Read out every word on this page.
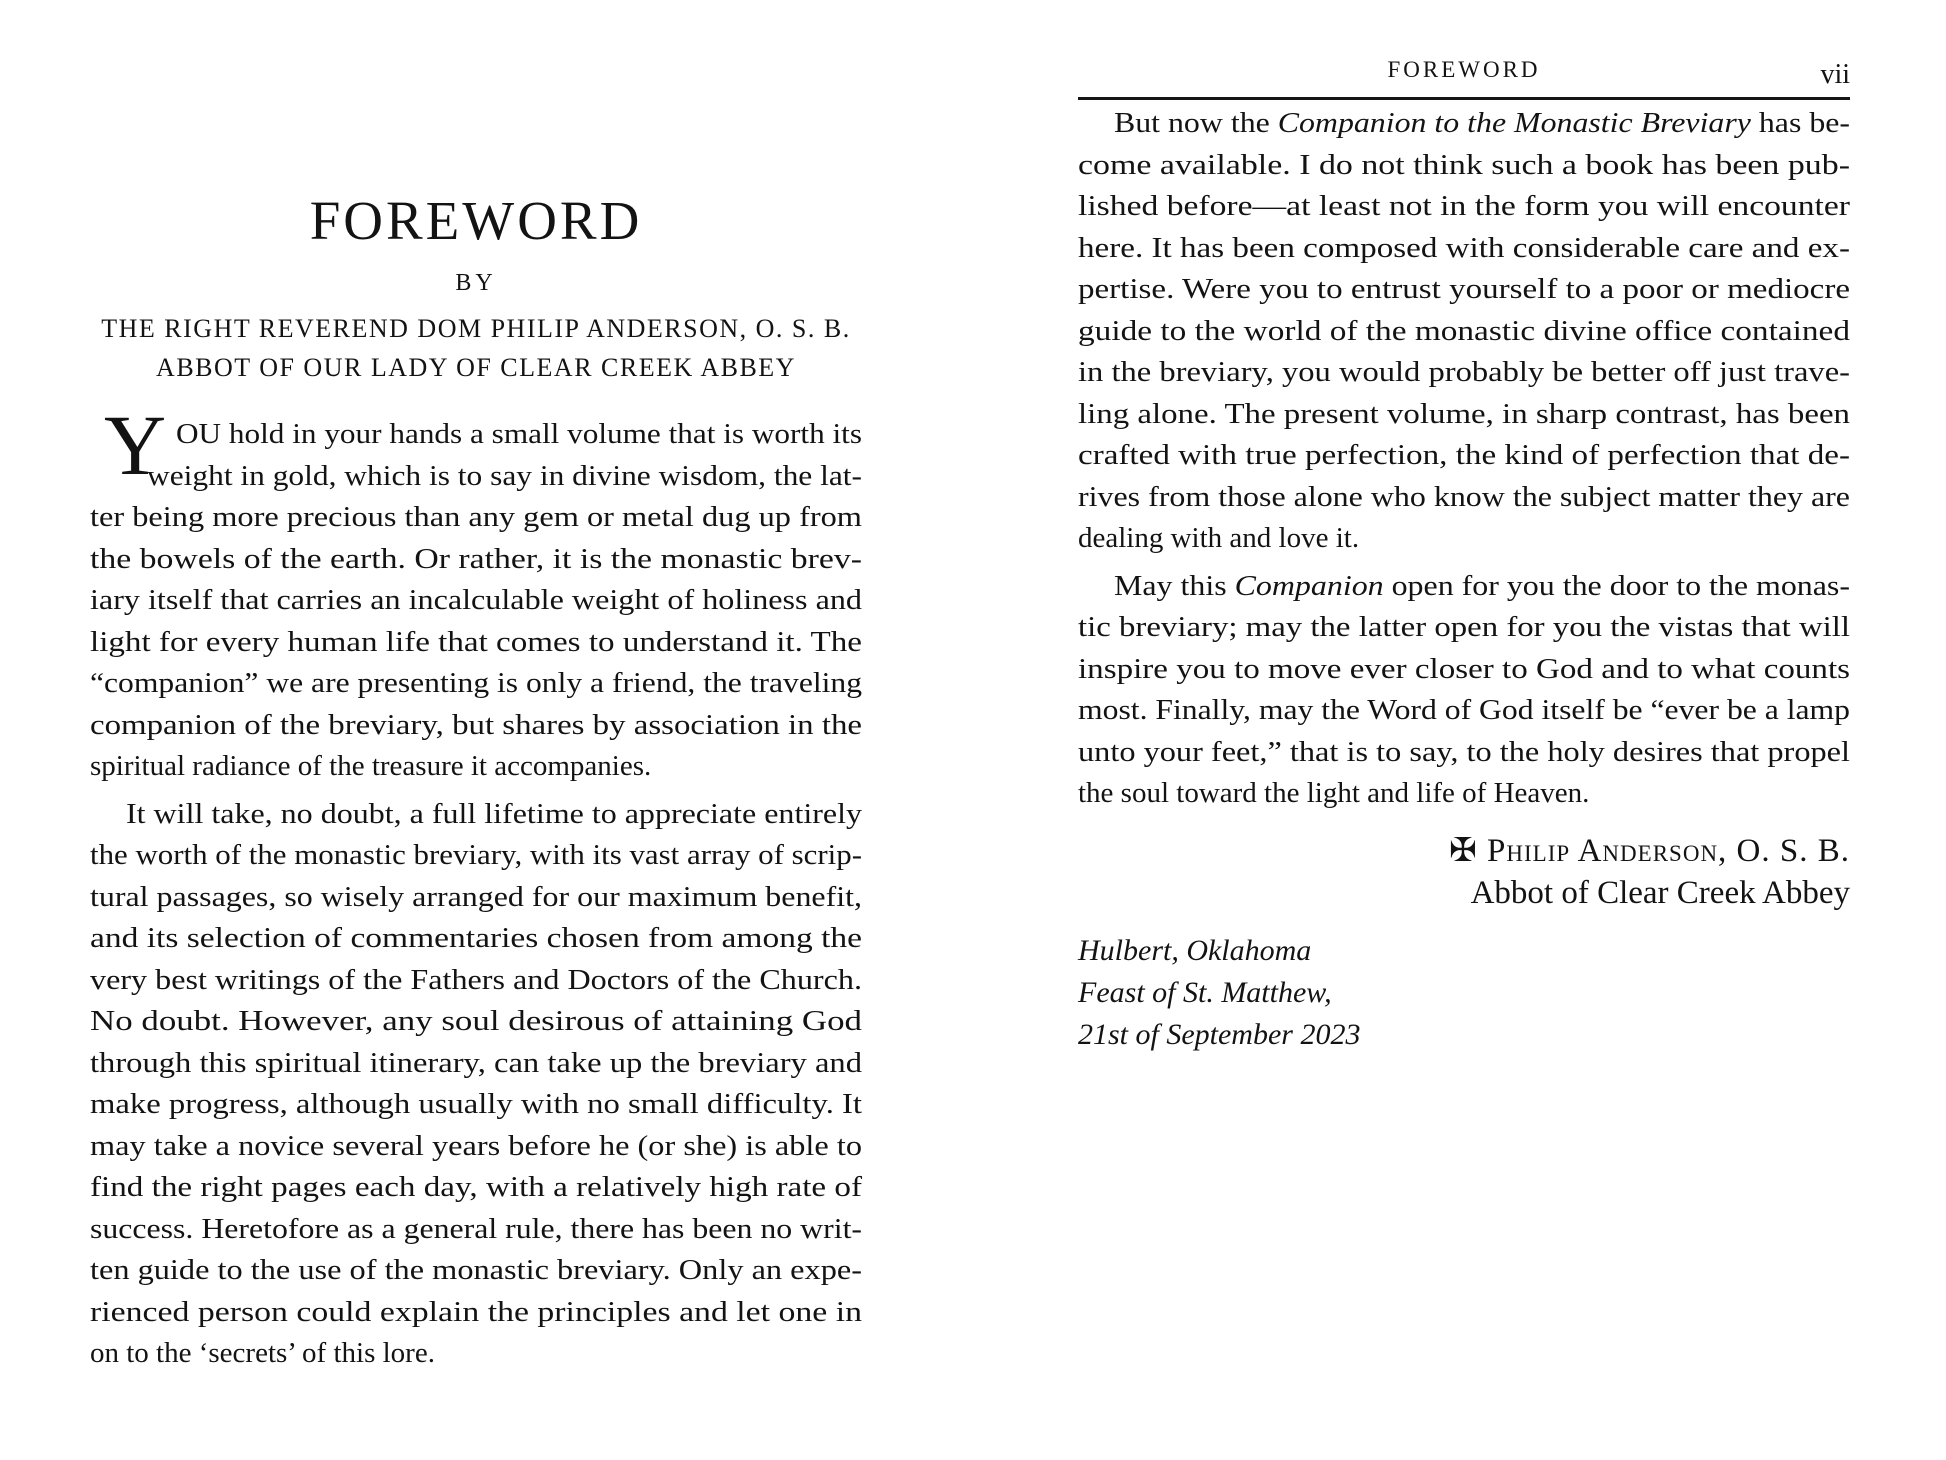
FOREWORD
BY
THE RIGHT REVEREND DOM PHILIP ANDERSON, O. S. B.
ABBOT OF OUR LADY OF CLEAR CREEK ABBEY
Y OU hold in your hands a small volume that is worth its
weight in gold, which is to say in divine wisdom, the lat-
ter being more precious than any gem or metal dug up from
the bowels of the earth. Or rather, it is the monastic brev-
iary itself that carries an incalculable weight of holiness and
light for every human life that comes to understand it. The
“companion” we are presenting is only a friend, the traveling
companion of the breviary, but shares by association in the
spiritual radiance of the treasure it accompanies.
It will take, no doubt, a full lifetime to appreciate entirely
the worth of the monastic breviary, with its vast array of scrip-
tural passages, so wisely arranged for our maximum benefit,
and its selection of commentaries chosen from among the
very best writings of the Fathers and Doctors of the Church.
No doubt. However, any soul desirous of attaining God
through this spiritual itinerary, can take up the breviary and
make progress, although usually with no small difficulty. It
may take a novice several years before he (or she) is able to
find the right pages each day, with a relatively high rate of
success. Heretofore as a general rule, there has been no writ-
ten guide to the use of the monastic breviary. Only an expe-
rienced person could explain the principles and let one in
on to the ‘secrets’ of this lore.
FOREWORD	vii
But now the Companion to the Monastic Breviary has be-
come available. I do not think such a book has been pub-
lished before—at least not in the form you will encounter
here. It has been composed with considerable care and ex-
pertise. Were you to entrust yourself to a poor or mediocre
guide to the world of the monastic divine office contained
in the breviary, you would probably be better off just trave-
ling alone. The present volume, in sharp contrast, has been
crafted with true perfection, the kind of perfection that de-
rives from those alone who know the subject matter they are
dealing with and love it.
May this Companion open for you the door to the monas-
tic breviary; may the latter open for you the vistas that will
inspire you to move ever closer to God and to what counts
most. Finally, may the Word of God itself be “ever be a lamp
unto your feet,” that is to say, to the holy desires that propel
the soul toward the light and life of Heaven.
✠ Philip Anderson, O. S. B.
Abbot of Clear Creek Abbey
Hulbert, Oklahoma
Feast of St. Matthew,
21st of September 2023
